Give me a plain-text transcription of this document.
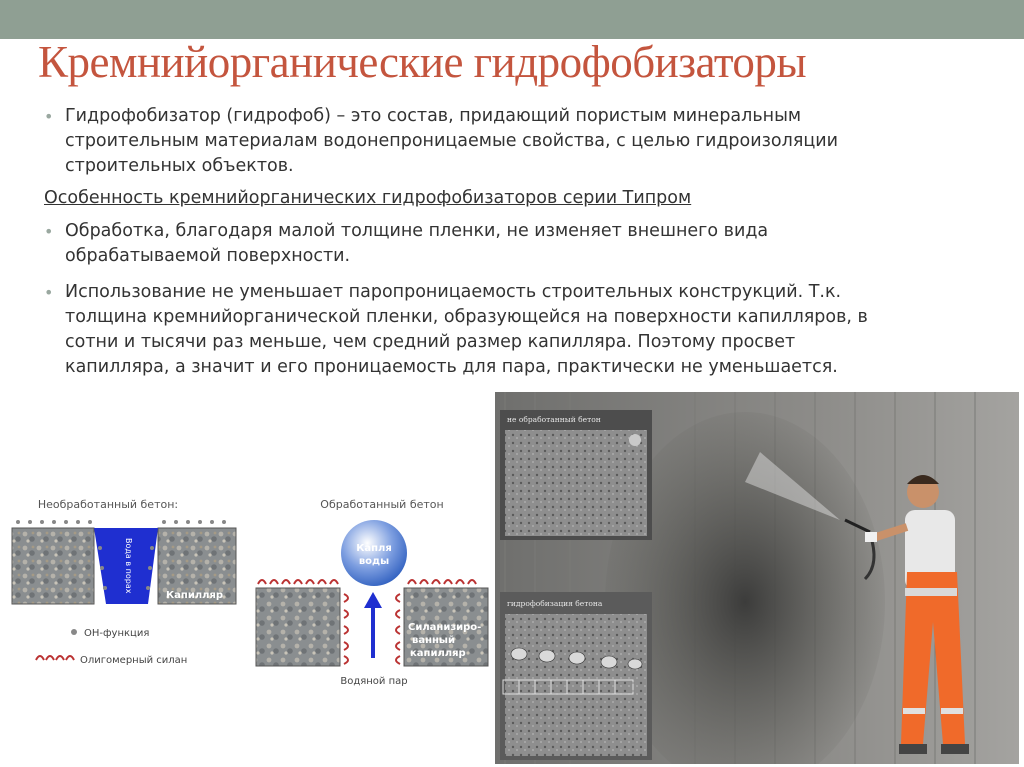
Кремнийорганические гидрофобизаторы
• Гидрофобизатор (гидрофоб) – это состав, придающий пористым минеральным
строительным материалам водонепроницаемые свойства, с целью гидроизоляции
строительных объектов.
Особенность кремнийорганических гидрофобизаторов серии Типром
• Обработка, благодаря малой толщине пленки, не изменяет внешнего вида
обрабатываемой поверхности.
• Использование не уменьшает паропроницаемость строительных конструкций. Т.к.
толщина кремнийорганической пленки, образующейся на поверхности капилляров, в
сотни и тысячи раз меньше, чем средний размер капилляра. Поэтому просвет
капилляра, а значит и его проницаемость для пара, практически не уменьшается.
Необработанный бетон:
Вода в порах
Капилляр
ОН-функция
Олигомерный силан
Обработанный бетон
Капля
воды
Силанизиро-
ванный
капилляр
Водяной пар
не обработанный бетон
гидрофобизация бетона
